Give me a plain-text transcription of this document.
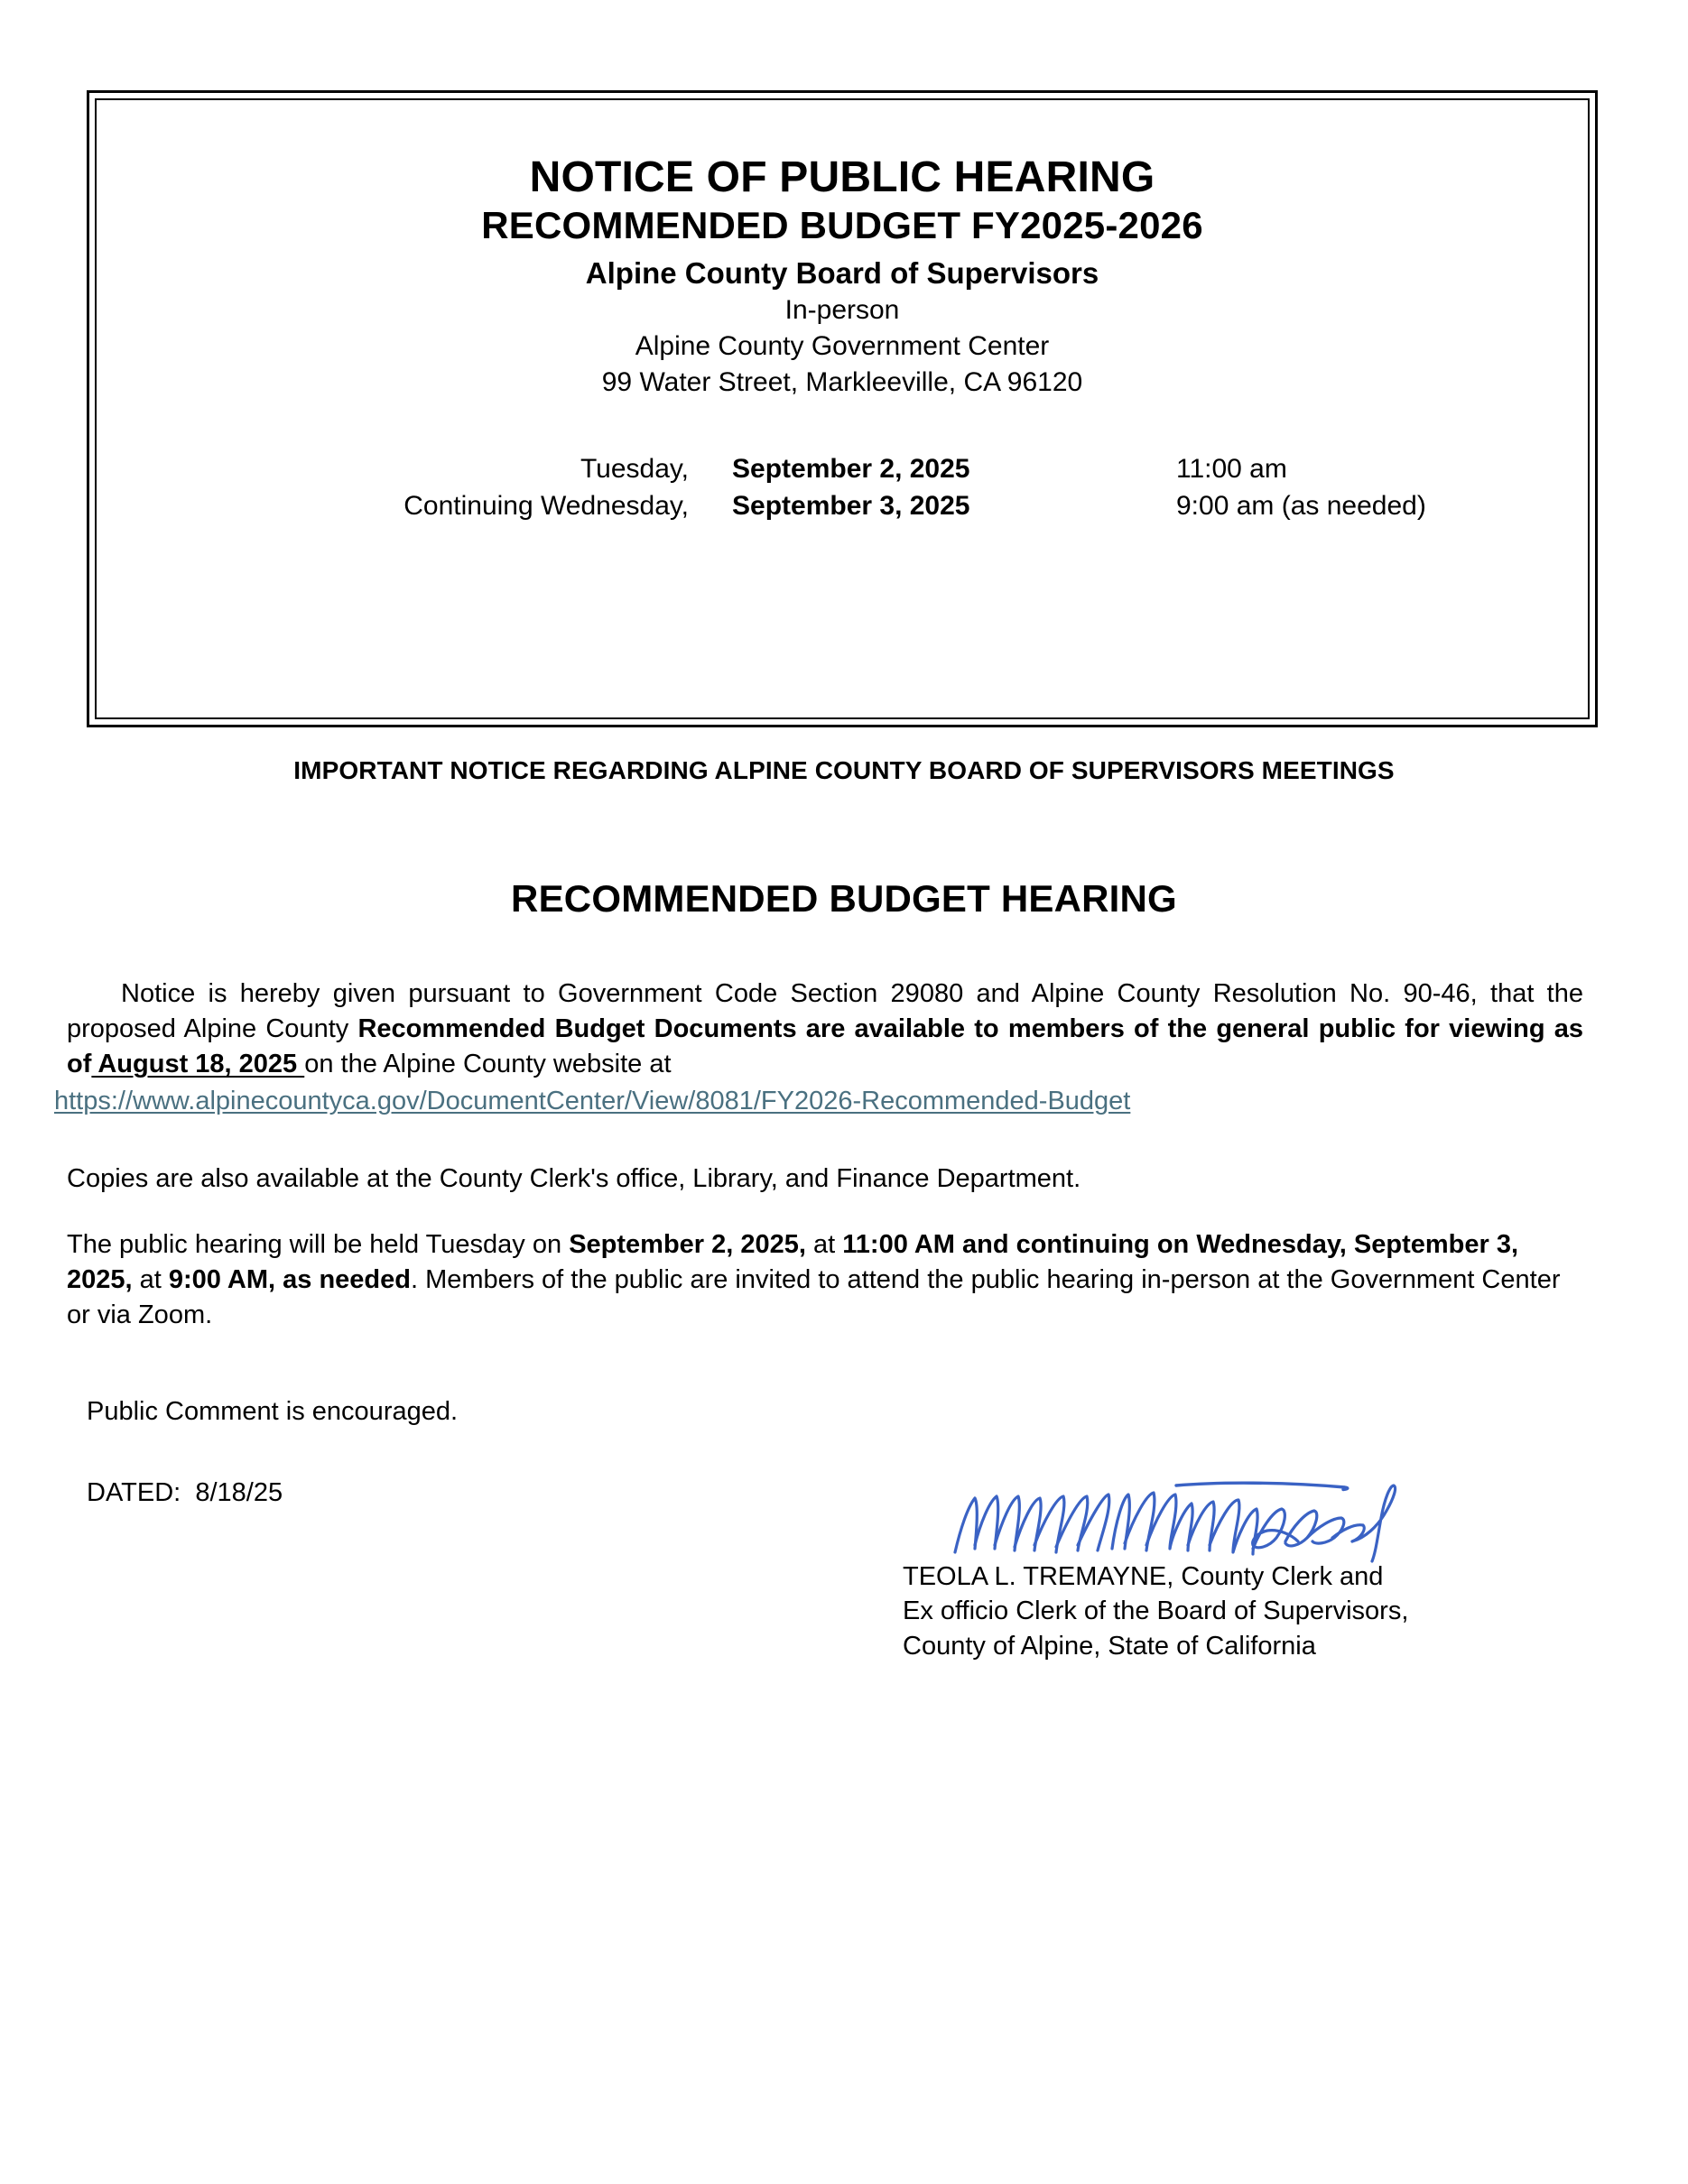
NOTICE OF PUBLIC HEARING
RECOMMENDED BUDGET FY2025-2026
Alpine County Board of Supervisors
In-person
Alpine County Government Center
99 Water Street, Markleeville, CA 96120
Tuesday, September 2, 2025	11:00 am
Continuing Wednesday, September 3, 2025	9:00 am (as needed)
IMPORTANT NOTICE REGARDING ALPINE COUNTY BOARD OF SUPERVISORS MEETINGS
RECOMMENDED BUDGET HEARING

Notice is hereby given pursuant to Government Code Section 29080 and Alpine County Resolution No. 90-46, that the proposed Alpine County Recommended Budget Documents are available to members of the general public for viewing as of August 18, 2025 on the Alpine County website at

https://www.alpinecountyca.gov/DocumentCenter/View/8081/FY2026-Recommended-Budget

Copies are also available at the County Clerk's office, Library, and Finance Department.

The public hearing will be held Tuesday on September 2, 2025, at 11:00 AM and continuing on Wednesday, September 3, 2025, at 9:00 AM, as needed. Members of the public are invited to attend the public hearing in-person at the Government Center or via Zoom.

Public Comment is encouraged.
DATED: 8/18/25
TEOLA L. TREMAYNE, County Clerk and
Ex officio Clerk of the Board of Supervisors,
County of Alpine, State of California
